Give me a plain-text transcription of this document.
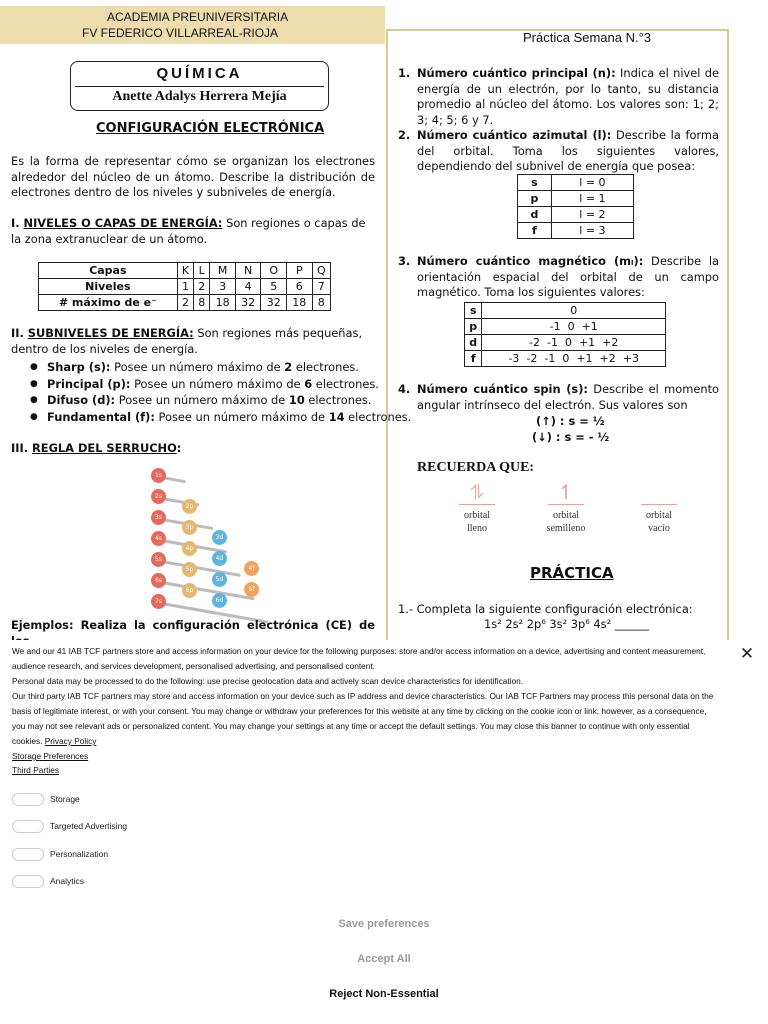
ACADEMIA PREUNIVERSITARIA
FV FEDERICO VILLARREAL-RIOJA	Práctica Semana N.°3
QUÍMICA
Anette Adalys Herrera Mejía
CONFIGURACIÓN ELECTRÓNICA
Es la forma de representar cómo se organizan los electrones alrededor del núcleo de un átomo. Describe la distribución de electrones dentro de los niveles y subniveles de energía.
I. NIVELES O CAPAS DE ENERGÍA: Son regiones o capas de la zona extranuclear de un átomo.
Capas	K	L	M	N	O	P	Q
Niveles	1	2	3	4	5	6	7
# máximo de e⁻	2	8	18	32	32	18	8
II. SUBNIVELES DE ENERGÍA: Son regiones más pequeñas, dentro de los niveles de energía.
● Sharp (s): Posee un número máximo de 2 electrones.
● Principal (p): Posee un número máximo de 6 electrones.
● Difuso (d): Posee un número máximo de 10 electrones.
● Fundamental (f): Posee un número máximo de 14 electrones.
III. REGLA DEL SERRUCHO:
1s
2s
3s
4s
5s
6s
7s
2p
3p
4p
5p
6p
3d
4d
5d
6d
4f
5f
Ejemplos: Realiza la configuración electrónica (CE) de
1. Número cuántico principal (n): Indica el nivel de energía de un electrón, por lo tanto, su distancia promedio al núcleo del átomo. Los valores son: 1; 2; 3; 4; 5; 6 y 7.
2. Número cuántico azimutal (l): Describe la forma del orbital. Toma los siguientes valores, dependiendo del subnivel de energía que posea:
s	l = 0
p	l = 1
d	l = 2
f	l = 3
3. Número cuántico magnético (mₗ): Describe la orientación espacial del orbital de un campo magnético. Toma los siguientes valores:
s	0
p	-1  0  +1
d	-2  -1  0  +1  +2
f	-3  -2  -1  0  +1  +2  +3
4. Número cuántico spin (s): Describe el momento angular intrínseco del electrón. Sus valores son
(↑) : s = ½
(↓) : s = - ½
RECUERDA QUE:
⥮
orbital
lleno
↿
orbital
semilleno
orbital
vacío
PRÁCTICA
1.- Completa la siguiente configuración electrónica:
1s² 2s² 2p⁶ 3s² 3p⁶ 4s² ______
✕

We and our 41 IAB TCF partners store and access information on your device for the following purposes: store and/or access information on a device, advertising and content measurement, audience research, and services development, personalised advertising, and personalised content.

Personal data may be processed to do the following: use precise geolocation data and actively scan device characteristics for identification.

Our third party IAB TCF partners may store and access information on your device such as IP address and device characteristics. Our IAB TCF Partners may process this personal data on the basis of legitimate interest, or with your consent. You may change or withdraw your preferences for this website at any time by clicking on the cookie icon or link; however, as a consequence, you may not see relevant ads or personalized content. You may change your settings at any time or accept the default settings. You may close this banner to continue with only essential cookies. Privacy Policy

Storage Preferences
Third Parties
Storage
Targeted Advertising
Personalization
Analytics
Save preferences
Accept All
Reject Non-Essential
